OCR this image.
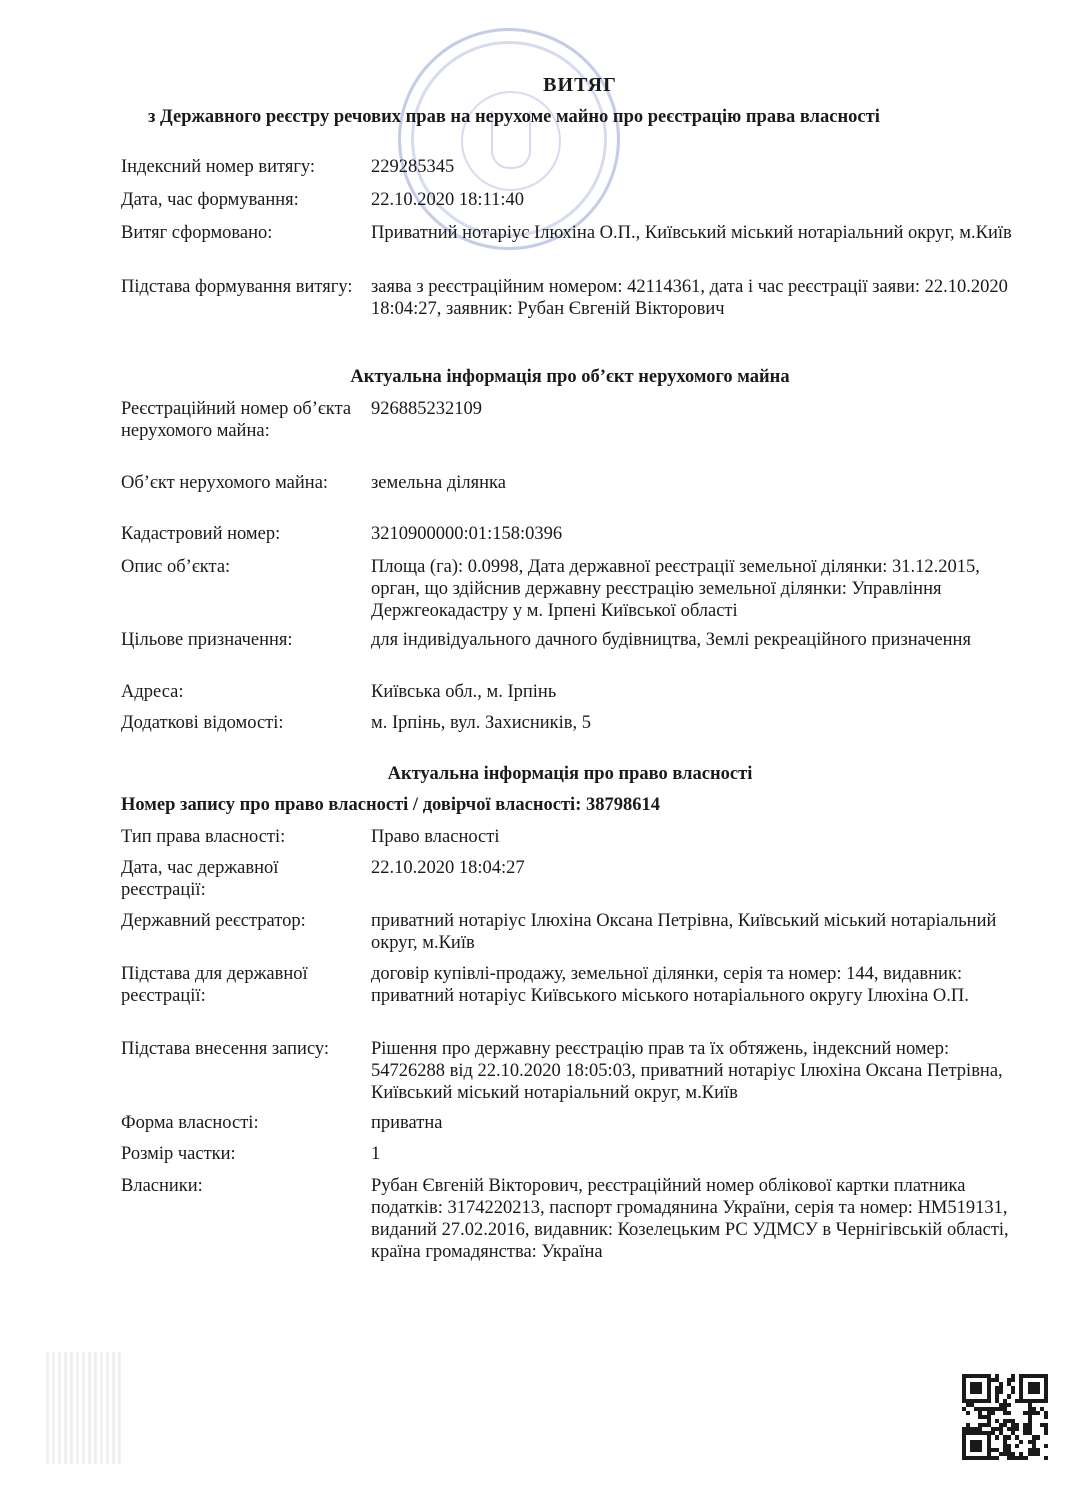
ВИТЯГ
з Державного реєстру речових прав на нерухоме майно про реєстрацію права власності
Індексний номер витягу:	229285345
Дата, час формування:	22.10.2020 18:11:40
Витяг сформовано:	Приватний нотаріус Ілюхіна О.П., Київський міський нотаріальний округ, м.Київ
Підстава формування витягу: заява з реєстраційним номером: 42114361, дата і час реєстрації заяви: 22.10.2020 18:04:27, заявник: Рубан Євгеній Вікторович
Актуальна інформація про об’єкт нерухомого майна
Реєстраційний номер об’єкта нерухомого майна:
926885232109
Об’єкт нерухомого майна:	земельна ділянка
Кадастровий номер:	3210900000:01:158:0396
Опис об’єкта:	Площа (га): 0.0998, Дата державної реєстрації земельної ділянки: 31.12.2015, орган, що здійснив державну реєстрацію земельної ділянки: Управління Держгеокадастру у м. Ірпені Київської області
Цільове призначення:	для індивідуального дачного будівництва, Землі рекреаційного призначення
Адреса:	Київська обл., м. Ірпінь
Додаткові відомості:	м. Ірпінь, вул. Захисників, 5
Актуальна інформація про право власності
Номер запису про право власності / довірчої власності: 38798614
Тип права власності:	Право власності
Дата, час державної реєстрації:
22.10.2020 18:04:27
Державний реєстратор:	приватний нотаріус Ілюхіна Оксана Петрівна, Київський міський нотаріальний округ, м.Київ
Підстава для державної реєстрації:
договір купівлі-продажу, земельної ділянки, серія та номер: 144, видавник: приватний нотаріус Київського міського нотаріального округу Ілюхіна О.П.
Підстава внесення запису:	Рішення про державну реєстрацію прав та їх обтяжень, індексний номер: 54726288 від 22.10.2020 18:05:03, приватний нотаріус Ілюхіна Оксана Петрівна, Київський міський нотаріальний округ, м.Київ
Форма власності:	приватна
Розмір частки:	1
Власники:	Рубан Євгеній Вікторович, реєстраційний номер облікової картки платника податків: 3174220213, паспорт громадянина України, серія та номер: НМ519131, виданий 27.02.2016, видавник: Козелецьким РС УДМСУ в Чернігівській області, країна громадянства: Україна
